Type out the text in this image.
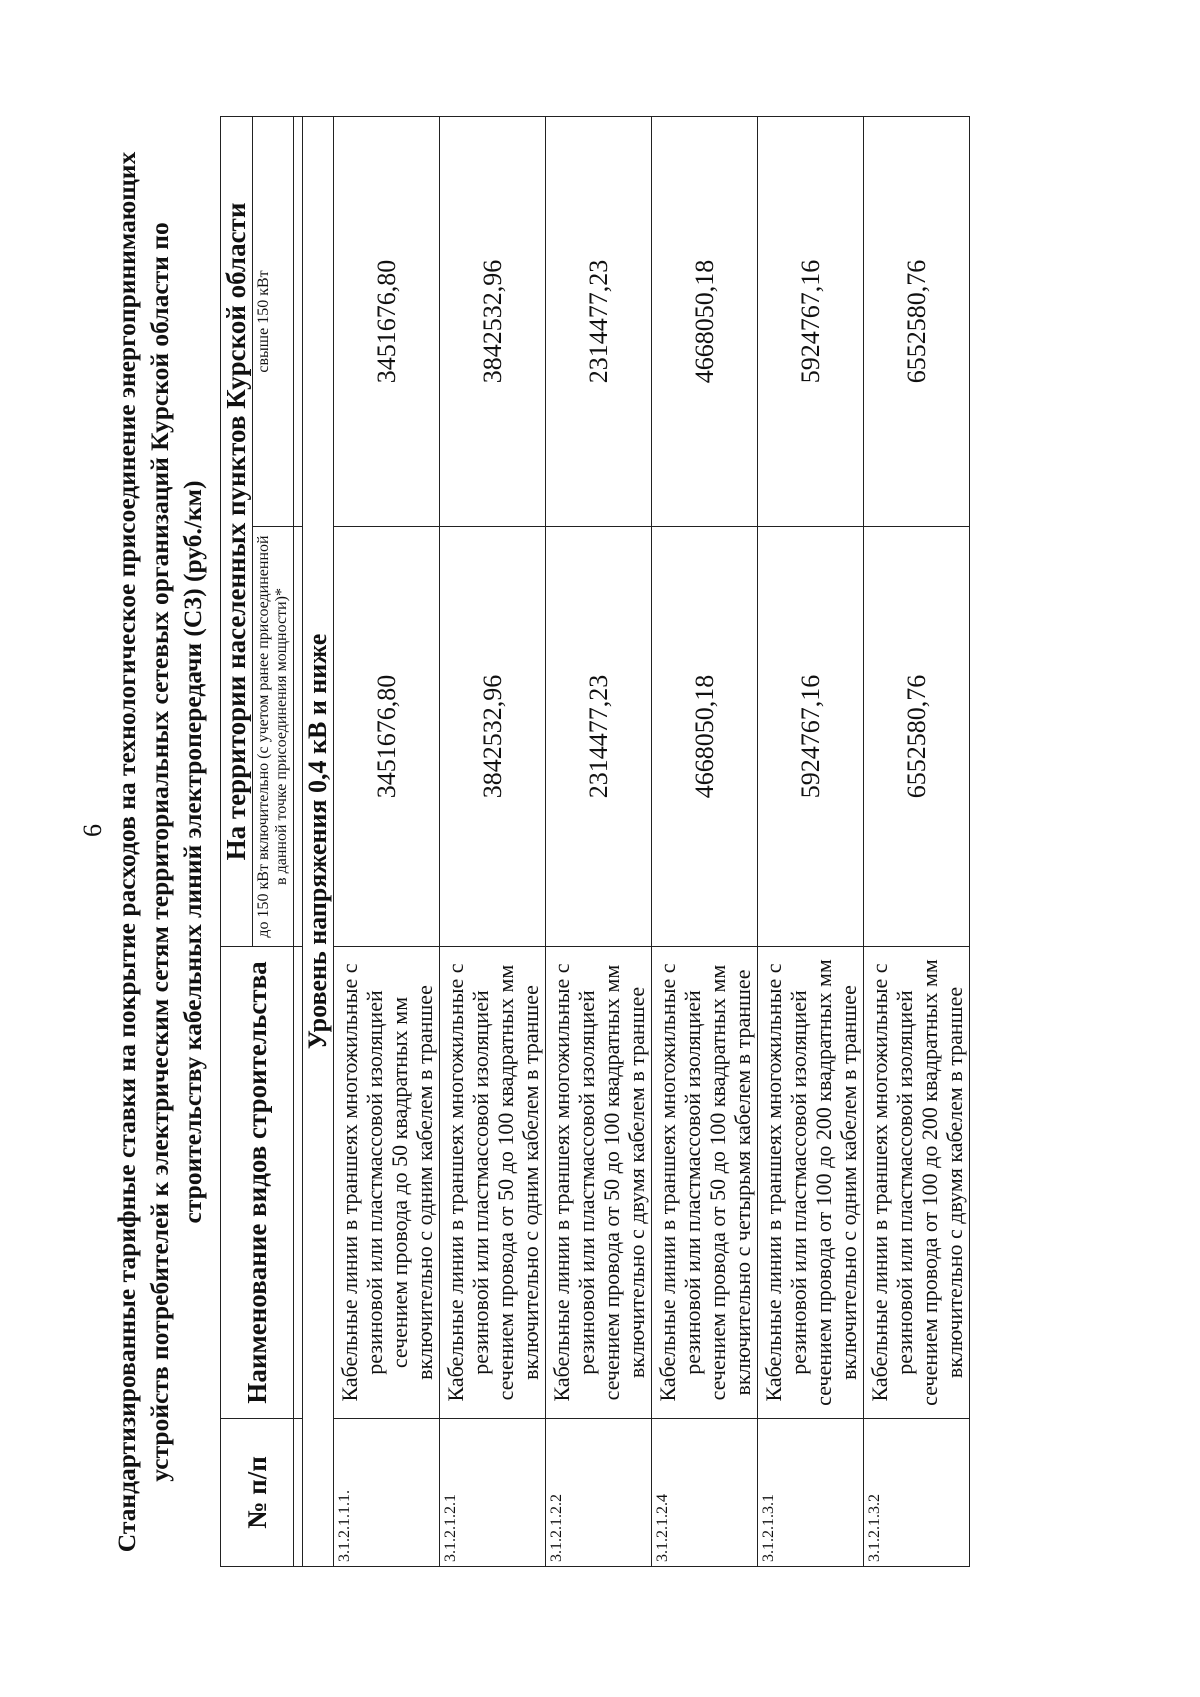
6 Стандартизированные тарифные ставки на покрытие расходов на технологическое присоединение энергопринимающих устройств потребителей к электрическим сетям территориальных сетевых организаций Курской области по строительству кабельных линий электропередачи (С3) (руб./км)
№ п/п	Наименование видов строительства	На территории населенных пунктов Курской области	
		до 150 кВт включительно (с учетом ранее присоединенной в данной точке присоединения мощности)*	свыше 150 кВт

Уровень напряжения 0,4 кВ и ниже			
3.1.2.1.1.1.	Кабельные линии в траншеях многожильные с резиновой или пластмассовой изоляцией сечением провода до 50 квадратных мм включительно с одним кабелем в траншее	3451676,80	3451676,80
3.1.2.1.2.1	Кабельные линии в траншеях многожильные с резиновой или пластмассовой изоляцией сечением провода от 50 до 100 квадратных мм включительно с одним кабелем в траншее	3842532,96	3842532,96
3.1.2.1.2.2	Кабельные линии в траншеях многожильные с резиновой или пластмассовой изоляцией сечением провода от 50 до 100 квадратных мм включительно с двумя кабелем в траншее	2314477,23	2314477,23
3.1.2.1.2.4	Кабельные линии в траншеях многожильные с резиновой или пластмассовой изоляцией сечением провода от 50 до 100 квадратных мм включительно с четырьмя кабелем в траншее	4668050,18	4668050,18
3.1.2.1.3.1	Кабельные линии в траншеях многожильные с резиновой или пластмассовой изоляцией сечением провода от 100 до 200 квадратных мм включительно с одним кабелем в траншее	5924767,16	5924767,16
3.1.2.1.3.2	Кабельные линии в траншеях многожильные с резиновой или пластмассовой изоляцией сечением провода от 100 до 200 квадратных мм включительно с двумя кабелем в траншее	6552580,76	6552580,76
